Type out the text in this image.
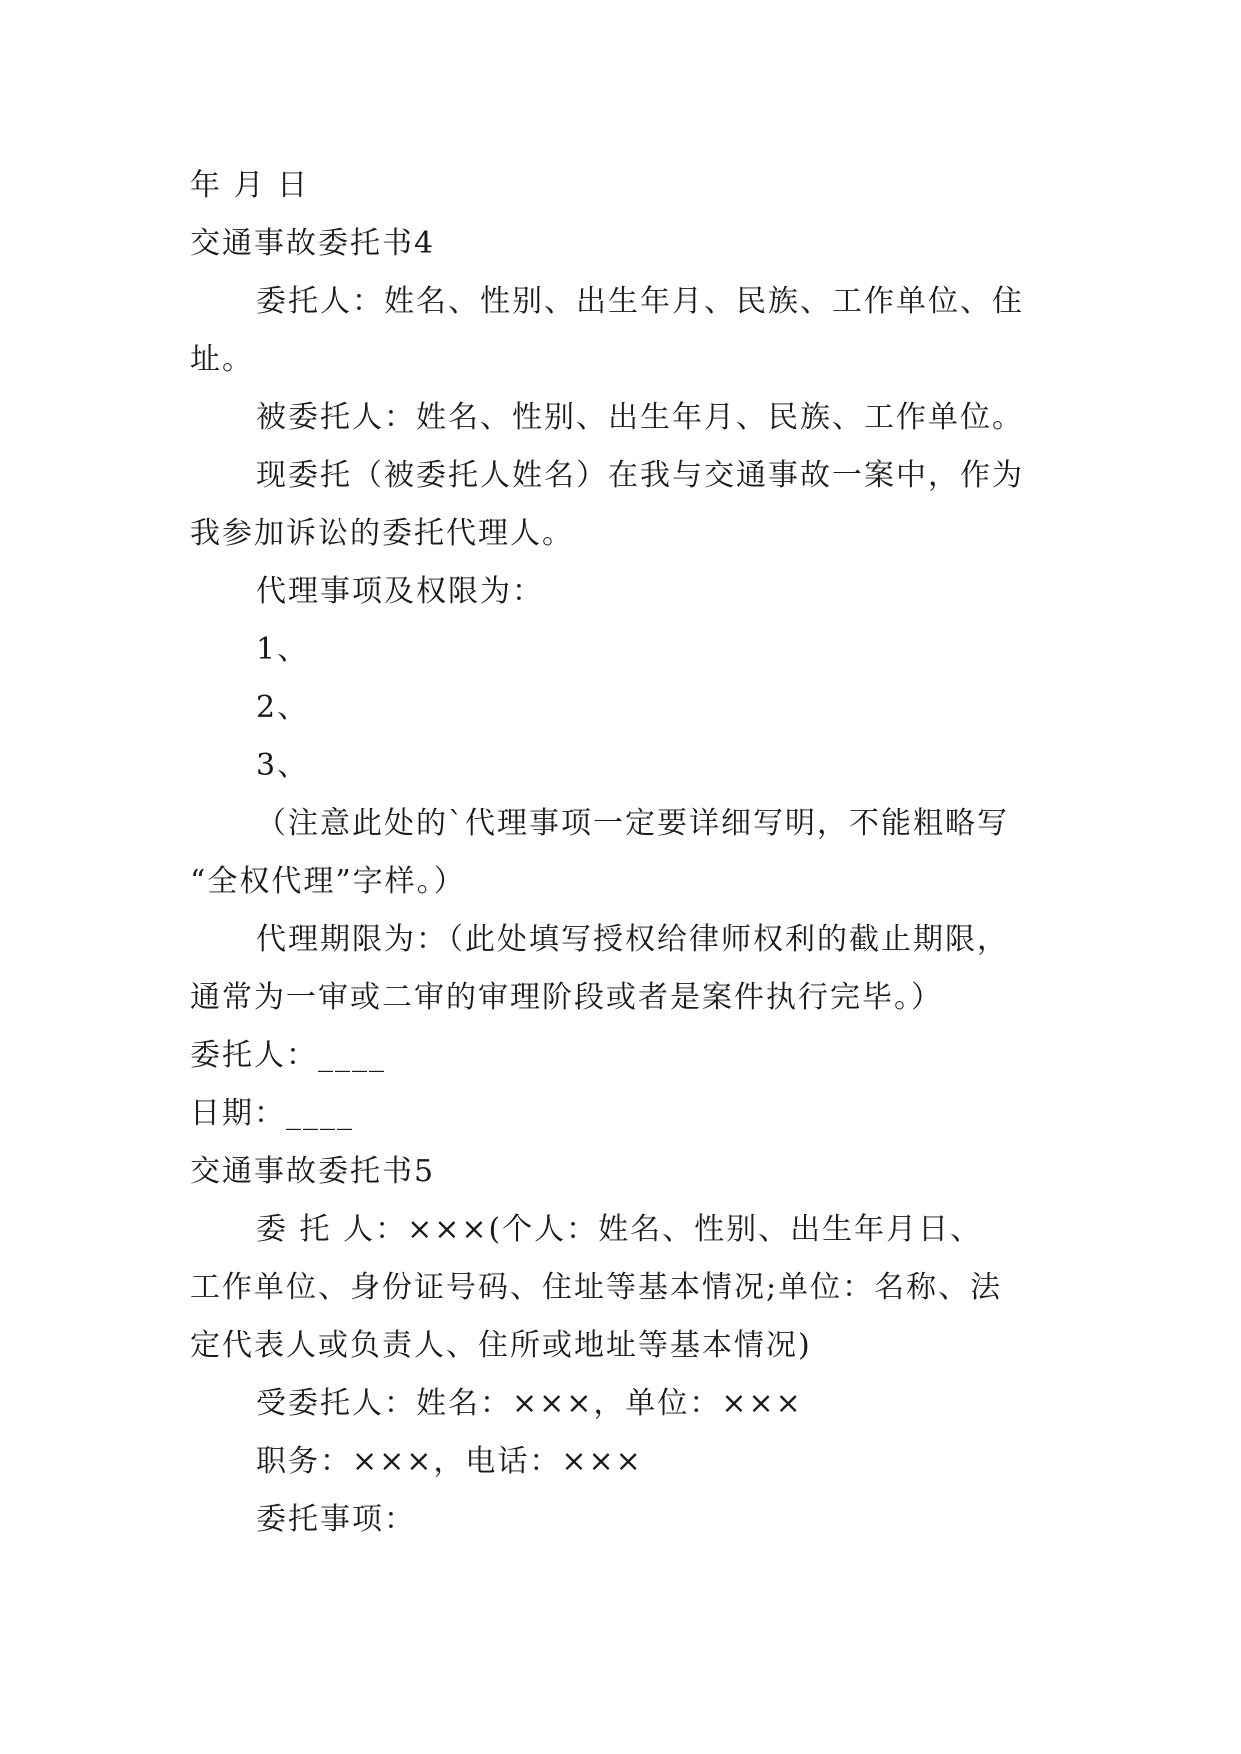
年 月 日
交通事故委托书4
委托人：姓名、性别、出生年月、民族、工作单位、住
址。
被委托人：姓名、性别、出生年月、民族、工作单位。
现委托（被委托人姓名）在我与交通事故一案中，作为
我参加诉讼的委托代理人。
代理事项及权限为：
1、
2、
3、
（注意此处的`代理事项一定要详细写明，不能粗略写
“全权代理”字样。）
代理期限为：（此处填写授权给律师权利的截止期限，
通常为一审或二审的审理阶段或者是案件执行完毕。）
委托人：____
日期：____
交通事故委托书5
委 托 人：×××(个人：姓名、性别、出生年月日、
工作单位、身份证号码、住址等基本情况;单位：名称、法
定代表人或负责人、住所或地址等基本情况)
受委托人：姓名：×××，单位：×××
职务：×××，电话：×××
委托事项：
